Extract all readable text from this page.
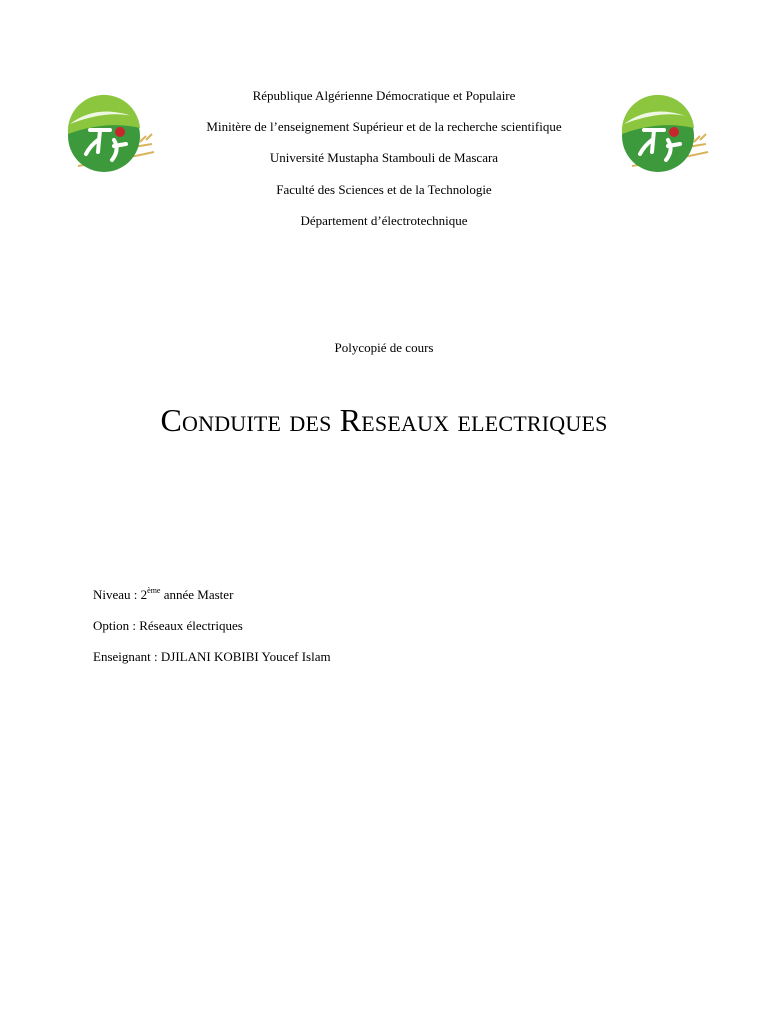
République Algérienne Démocratique et Populaire
Minitère de l’enseignement Supérieur et de la recherche scientifique
Université Mustapha Stambouli de Mascara
Faculté des Sciences et de la Technologie
Département d’électrotechnique
Polycopié de cours
Conduite des Reseaux electriques
Niveau : 2ème année Master
Option : Réseaux électriques
Enseignant : DJILANI KOBIBI Youcef Islam
